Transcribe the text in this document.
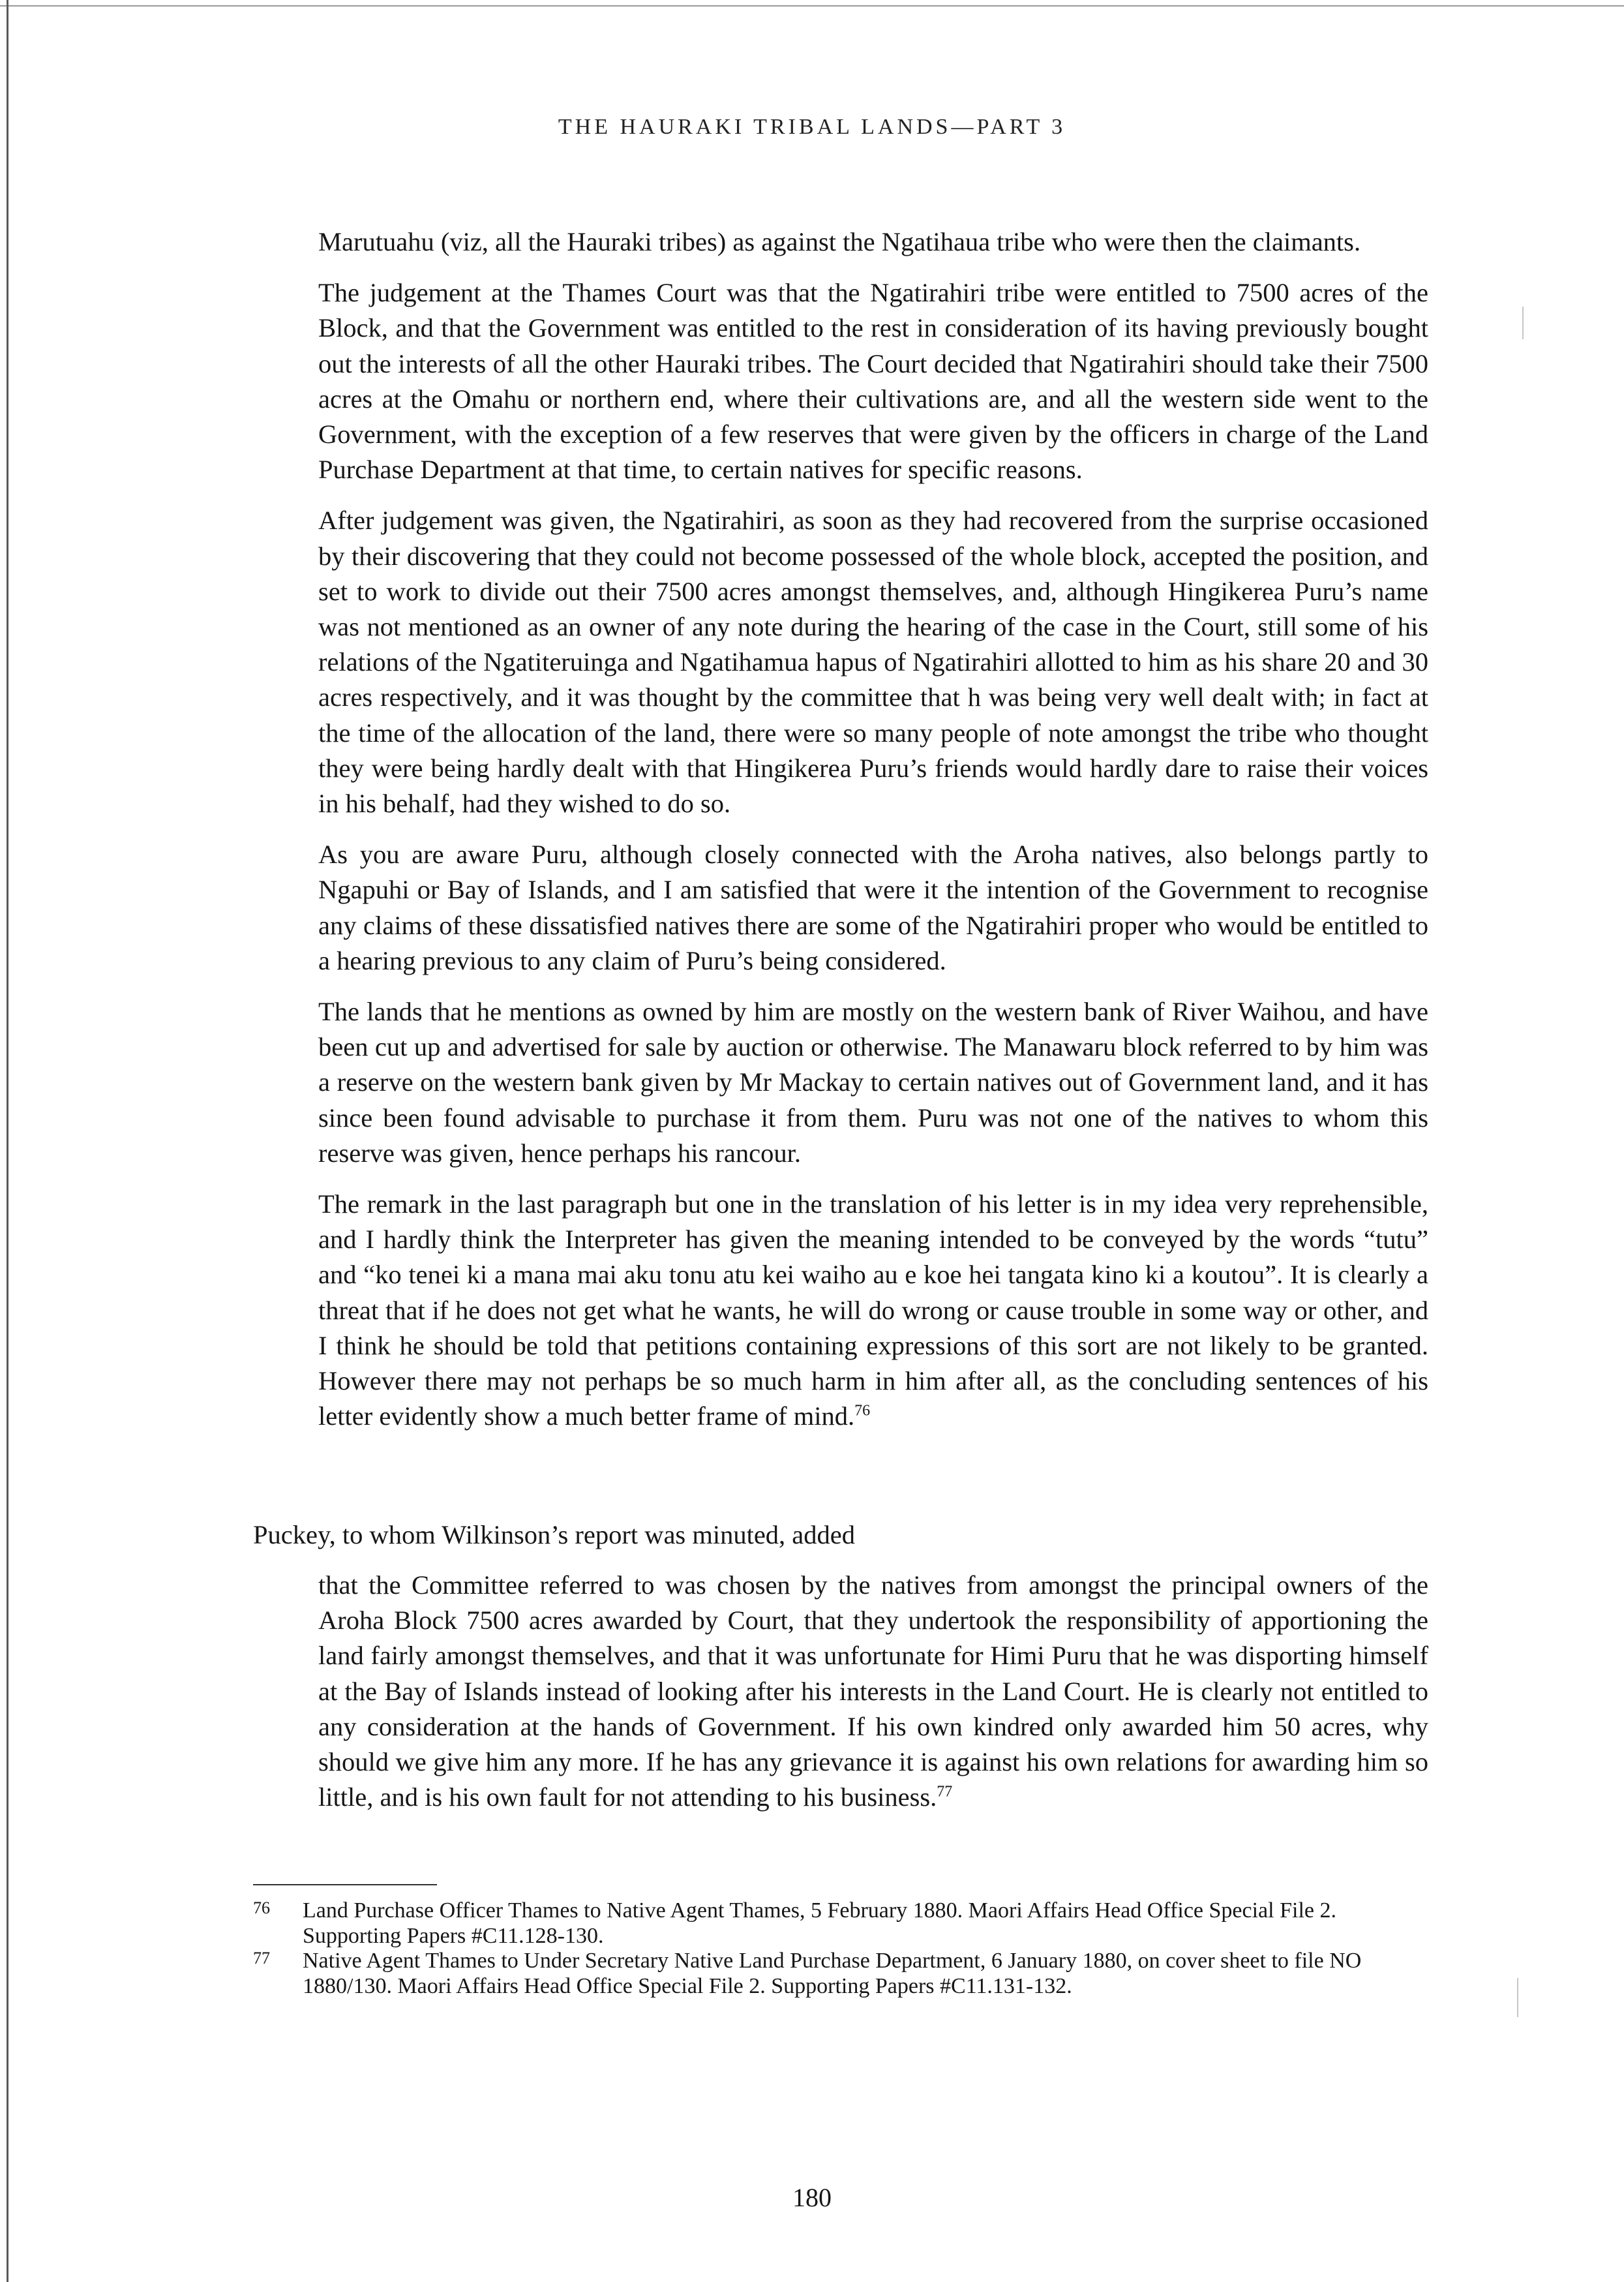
THE HAURAKI TRIBAL LANDS—PART 3

Marutuahu (viz, all the Hauraki tribes) as against the Ngatihaua tribe who were then the claimants.

The judgement at the Thames Court was that the Ngatirahiri tribe were entitled to 7500 acres of the Block, and that the Government was entitled to the rest in consideration of its having previously bought out the interests of all the other Hauraki tribes. The Court decided that Ngatirahiri should take their 7500 acres at the Omahu or northern end, where their cultivations are, and all the western side went to the Government, with the exception of a few reserves that were given by the officers in charge of the Land Purchase Department at that time, to certain natives for specific reasons.

After judgement was given, the Ngatirahiri, as soon as they had recovered from the surprise occasioned by their discovering that they could not become possessed of the whole block, accepted the position, and set to work to divide out their 7500 acres amongst themselves, and, although Hingikerea Puru’s name was not mentioned as an owner of any note during the hearing of the case in the Court, still some of his relations of the Ngatiteruinga and Ngatihamua hapus of Ngatirahiri allotted to him as his share 20 and 30 acres respectively, and it was thought by the committee that h was being very well dealt with; in fact at the time of the allocation of the land, there were so many people of note amongst the tribe who thought they were being hardly dealt with that Hingikerea Puru’s friends would hardly dare to raise their voices in his behalf, had they wished to do so.

As you are aware Puru, although closely connected with the Aroha natives, also belongs partly to Ngapuhi or Bay of Islands, and I am satisfied that were it the intention of the Government to recognise any claims of these dissatisfied natives there are some of the Ngatirahiri proper who would be entitled to a hearing previous to any claim of Puru’s being considered.

The lands that he mentions as owned by him are mostly on the western bank of River Waihou, and have been cut up and advertised for sale by auction or otherwise. The Manawaru block referred to by him was a reserve on the western bank given by Mr Mackay to certain natives out of Government land, and it has since been found advisable to purchase it from them. Puru was not one of the natives to whom this reserve was given, hence perhaps his rancour.

The remark in the last paragraph but one in the translation of his letter is in my idea very reprehensible, and I hardly think the Interpreter has given the meaning intended to be conveyed by the words “tutu” and “ko tenei ki a mana mai aku tonu atu kei waiho au e koe hei tangata kino ki a koutou”. It is clearly a threat that if he does not get what he wants, he will do wrong or cause trouble in some way or other, and I think he should be told that petitions containing expressions of this sort are not likely to be granted. However there may not perhaps be so much harm in him after all, as the concluding sentences of his letter evidently show a much better frame of mind.$^{76}$

Puckey, to whom Wilkinson’s report was minuted, added

that the Committee referred to was chosen by the natives from amongst the principal owners of the Aroha Block 7500 acres awarded by Court, that they undertook the responsibility of apportioning the land fairly amongst themselves, and that it was unfortunate for Himi Puru that he was disporting himself at the Bay of Islands instead of looking after his interests in the Land Court. He is clearly not entitled to any consideration at the hands of Government. If his own kindred only awarded him 50 acres, why should we give him any more. If he has any grievance it is against his own relations for awarding him so little, and is his own fault for not attending to his business.$^{77}$

76	Land Purchase Officer Thames to Native Agent Thames, 5 February 1880. Maori Affairs Head Office Special File 2. Supporting Papers #C11.128-130.
77	Native Agent Thames to Under Secretary Native Land Purchase Department, 6 January 1880, on cover sheet to file NO 1880/130. Maori Affairs Head Office Special File 2. Supporting Papers #C11.131-132.
180
